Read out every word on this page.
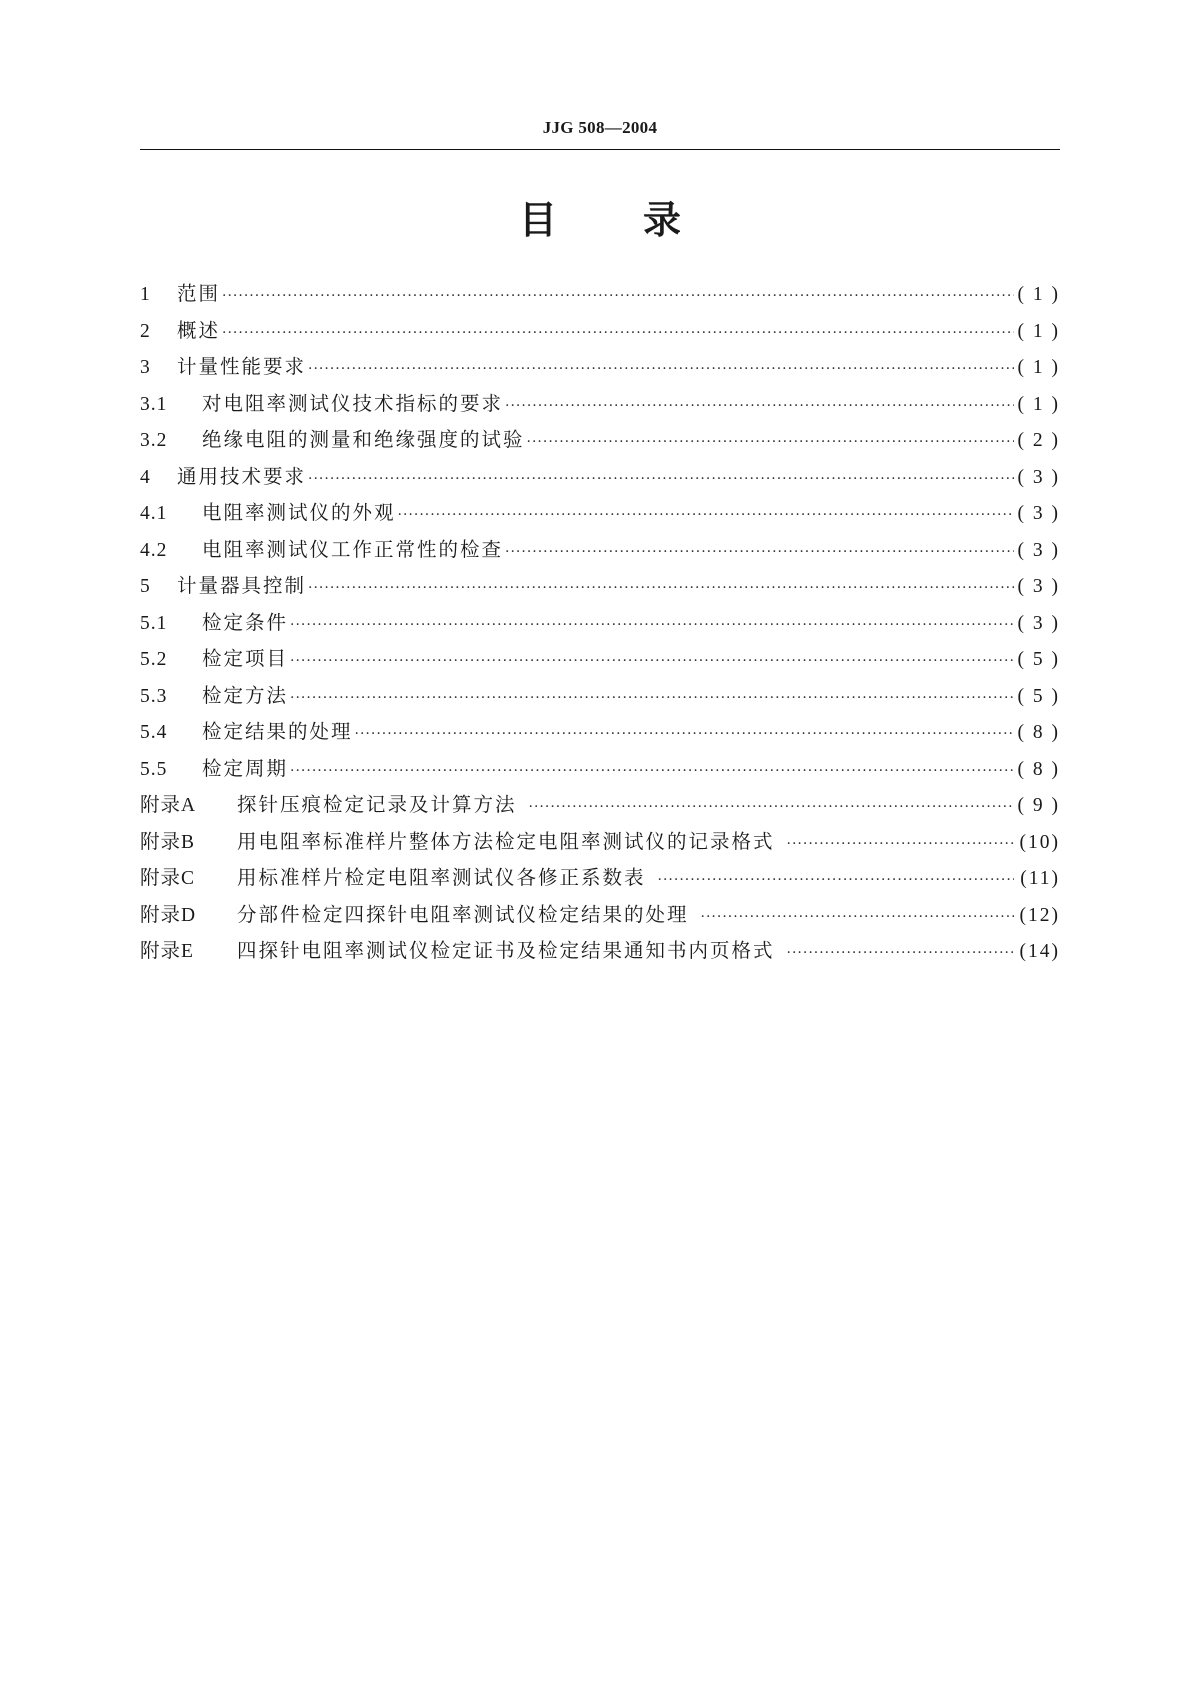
JJG 508—2004
目录
1	范围 ·····	( 1 )
2	概述 ·····	( 1 )
3	计量性能要求 ·····	( 1 )
3.1	对电阻率测试仪技术指标的要求 ·····	( 1 )
3.2	绝缘电阻的测量和绝缘强度的试验 ·····	( 2 )
4	通用技术要求 ·····	( 3 )
4.1	电阻率测试仪的外观 ·····	( 3 )
4.2	电阻率测试仪工作正常性的检查 ·····	( 3 )
5	计量器具控制 ·····	( 3 )
5.1	检定条件 ·····	( 3 )
5.2	检定项目 ·····	( 5 )
5.3	检定方法 ·····	( 5 )
5.4	检定结果的处理 ·····	( 8 )
5.5	检定周期 ·····	( 8 )
附录A	探针压痕检定记录及计算方法 ·····	( 9 )
附录B	用电阻率标准样片整体方法检定电阻率测试仪的记录格式 ·····	(10)
附录C	用标准样片检定电阻率测试仪各修正系数表 ·····	(11)
附录D	分部件检定四探针电阻率测试仪检定结果的处理 ·····	(12)
附录E	四探针电阻率测试仪检定证书及检定结果通知书内页格式 ·····	(14)
